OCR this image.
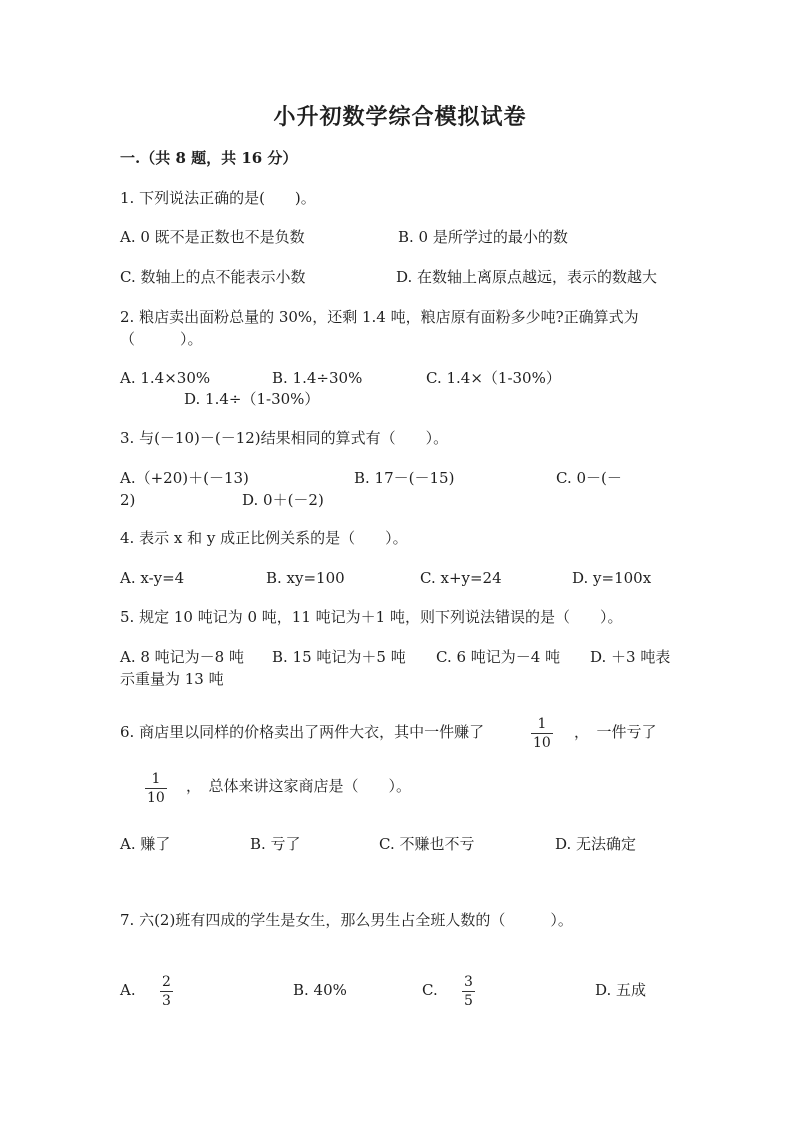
小升初数学综合模拟试卷
一.（共 8 题，共 16 分）
1. 下列说法正确的是(　　)。
A. 0 既不是正数也不是负数	B. 0 是所学过的最小的数
C. 数轴上的点不能表示小数	D. 在数轴上离原点越远，表示的数越大
2. 粮店卖出面粉总量的 30%，还剩 1.4 吨，粮店原有面粉多少吨?正确算式为
（　　　）。
A. 1.4×30%	B. 1.4÷30%	C. 1.4×（1-30%）
D. 1.4÷（1-30%）
3. 与(－10)－(－12)结果相同的算式有（　　）。
A.（+20)＋(－13)	B. 17－(－15)	C. 0－(－
2)	D. 0＋(－2)
4. 表示 x 和 y 成正比例关系的是（　　）。
A. x-y=4	B. xy=100	C. x+y=24	D. y=100x
5. 规定 10 吨记为 0 吨，11 吨记为＋1 吨，则下列说法错误的是（　　）。
A. 8 吨记为－8 吨 B. 15 吨记为＋5 吨 C. 6 吨记为－4 吨 D. ＋3 吨表
示重量为 13 吨
6. 商店里以同样的价格卖出了两件大衣，其中一件赚了	1
10
，　一件亏了
1
10
，　总体来讲这家商店是（　　）。
A. 赚了	B. 亏了	C. 不赚也不亏	D. 无法确定
7. 六(2)班有四成的学生是女生，那么男生占全班人数的（　　　）。
A. 2
3
B. 40%	C. 3
5
D. 五成
